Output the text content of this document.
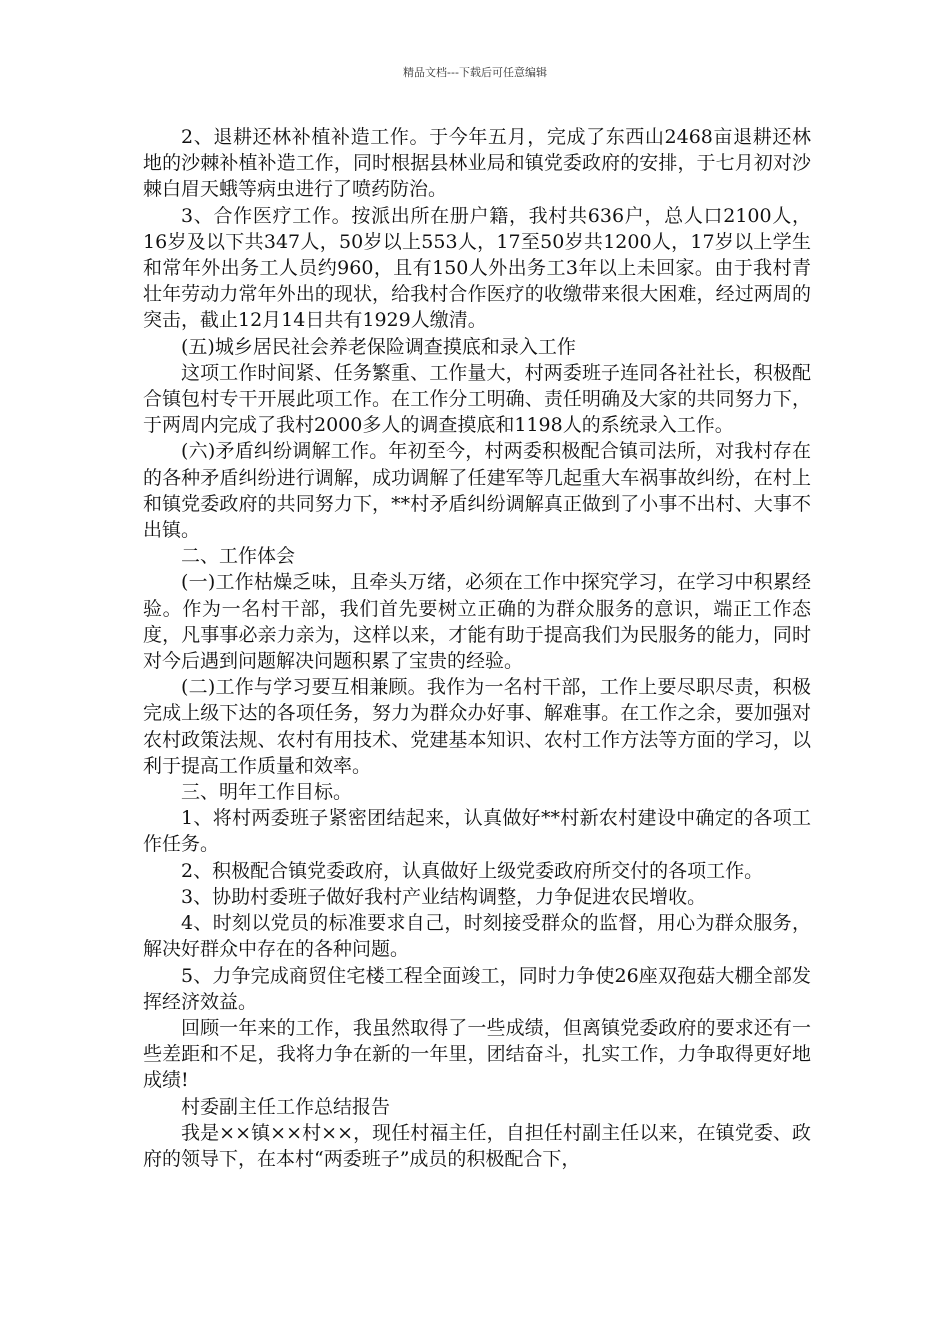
精品文档---下载后可任意编辑

2、退耕还林补植补造工作。于今年五月，完成了东西山2468亩退耕还林地的沙棘补植补造工作，同时根据县林业局和镇党委政府的安排，于七月初对沙棘白眉天蛾等病虫进行了喷药防治。

3、合作医疗工作。按派出所在册户籍，我村共636户，总人口2100人，16岁及以下共347人，50岁以上553人，17至50岁共1200人，17岁以上学生和常年外出务工人员约960，且有150人外出务工3年以上未回家。由于我村青壮年劳动力常年外出的现状，给我村合作医疗的收缴带来很大困难，经过两周的突击，截止12月14日共有1929人缴清。

(五)城乡居民社会养老保险调查摸底和录入工作

这项工作时间紧、任务繁重、工作量大，村两委班子连同各社社长，积极配合镇包村专干开展此项工作。在工作分工明确、责任明确及大家的共同努力下，于两周内完成了我村2000多人的调查摸底和1198人的系统录入工作。

(六)矛盾纠纷调解工作。年初至今，村两委积极配合镇司法所，对我村存在的各种矛盾纠纷进行调解，成功调解了任建军等几起重大车祸事故纠纷，在村上和镇党委政府的共同努力下，**村矛盾纠纷调解真正做到了小事不出村、大事不出镇。

二、工作体会

(一)工作枯燥乏味，且牵头万绪，必须在工作中探究学习，在学习中积累经验。作为一名村干部，我们首先要树立正确的为群众服务的意识，端正工作态度，凡事事必亲力亲为，这样以来，才能有助于提高我们为民服务的能力，同时对今后遇到问题解决问题积累了宝贵的经验。

(二)工作与学习要互相兼顾。我作为一名村干部，工作上要尽职尽责，积极完成上级下达的各项任务，努力为群众办好事、解难事。在工作之余，要加强对农村政策法规、农村有用技术、党建基本知识、农村工作方法等方面的学习，以利于提高工作质量和效率。

三、明年工作目标。

1、将村两委班子紧密团结起来，认真做好**村新农村建设中确定的各项工作任务。

2、积极配合镇党委政府，认真做好上级党委政府所交付的各项工作。

3、协助村委班子做好我村产业结构调整，力争促进农民增收。

4、时刻以党员的标准要求自己，时刻接受群众的监督，用心为群众服务，解决好群众中存在的各种问题。

5、力争完成商贸住宅楼工程全面竣工，同时力争使26座双孢菇大棚全部发挥经济效益。

回顾一年来的工作，我虽然取得了一些成绩，但离镇党委政府的要求还有一些差距和不足，我将力争在新的一年里，团结奋斗，扎实工作，力争取得更好地成绩!

村委副主任工作总结报告

我是××镇××村××，现任村福主任，自担任村副主任以来，在镇党委、政府的领导下，在本村“两委班子”成员的积极配合下，
